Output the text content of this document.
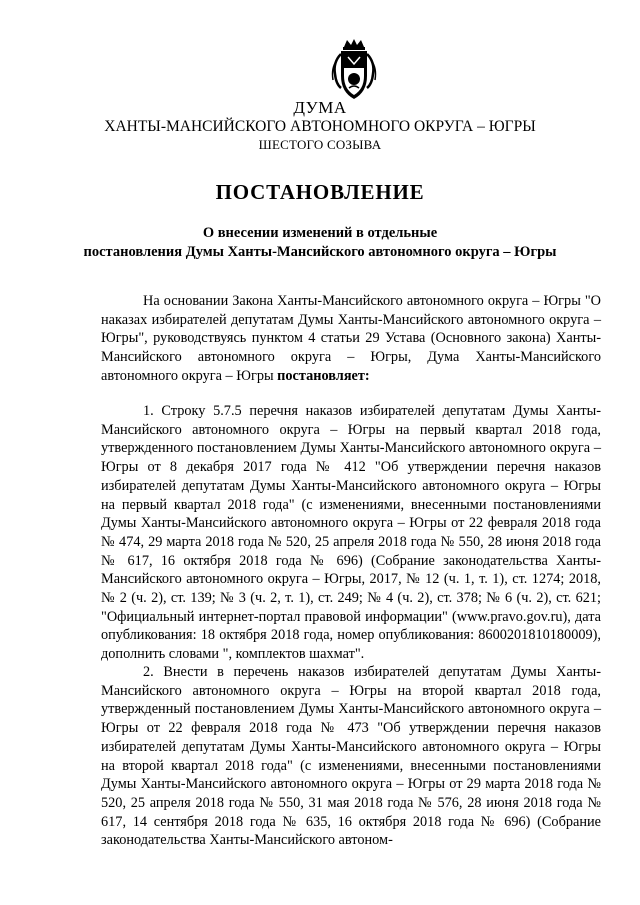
ДУМА

ХАНТЫ-МАНСИЙСКОГО АВТОНОМНОГО ОКРУГА – ЮГРЫ

ШЕСТОГО СОЗЫВА

ПОСТАНОВЛЕНИЕ

О внесении изменений в отдельные

постановления Думы Ханты-Мансийского автономного округа – Югры

На основании Закона Ханты-Мансийского автономного округа – Югры "О наказах избирателей депутатам Думы Ханты-Мансийского автономного округа – Югры", руководствуясь пунктом 4 статьи 29 Устава (Основного закона) Ханты-Мансийского автономного округа – Югры, Дума Ханты-Мансийского автономного округа – Югры постановляет:

1. Строку 5.7.5 перечня наказов избирателей депутатам Думы Ханты-Мансийского автономного округа – Югры на первый квартал 2018 года, утвержденного постановлением Думы Ханты-Мансийского автономного округа – Югры от 8 декабря 2017 года № 412 "Об утверждении перечня наказов избирателей депутатам Думы Ханты-Мансийского автономного округа – Югры на первый квартал 2018 года" (с изменениями, внесенными постановлениями Думы Ханты-Мансийского автономного округа – Югры от 22 февраля 2018 года № 474, 29 марта 2018 года № 520, 25 апреля 2018 года № 550, 28 июня 2018 года № 617, 16 октября 2018 года № 696) (Собрание законодательства Ханты-Мансийского автономного округа – Югры, 2017, № 12 (ч. 1, т. 1), ст. 1274; 2018, № 2 (ч. 2), ст. 139; № 3 (ч. 2, т. 1), ст. 249; № 4 (ч. 2), ст. 378; № 6 (ч. 2), ст. 621; "Официальный интернет-портал правовой информации" (www.pravo.gov.ru), дата опубликования: 18 октября 2018 года, номер опубликования: 8600201810180009), дополнить словами ", комплектов шахмат".

2. Внести в перечень наказов избирателей депутатам Думы Ханты-Мансийского автономного округа – Югры на второй квартал 2018 года, утвержденный постановлением Думы Ханты-Мансийского автономного округа – Югры от 22 февраля 2018 года № 473 "Об утверждении перечня наказов избирателей депутатам Думы Ханты-Мансийского автономного округа – Югры на второй квартал 2018 года" (с изменениями, внесенными постановлениями Думы Ханты-Мансийского автономного округа – Югры от 29 марта 2018 года № 520, 25 апреля 2018 года № 550, 31 мая 2018 года № 576, 28 июня 2018 года № 617, 14 сентября 2018 года № 635, 16 октября 2018 года № 696) (Собрание законодательства Ханты-Мансийского автоном-
